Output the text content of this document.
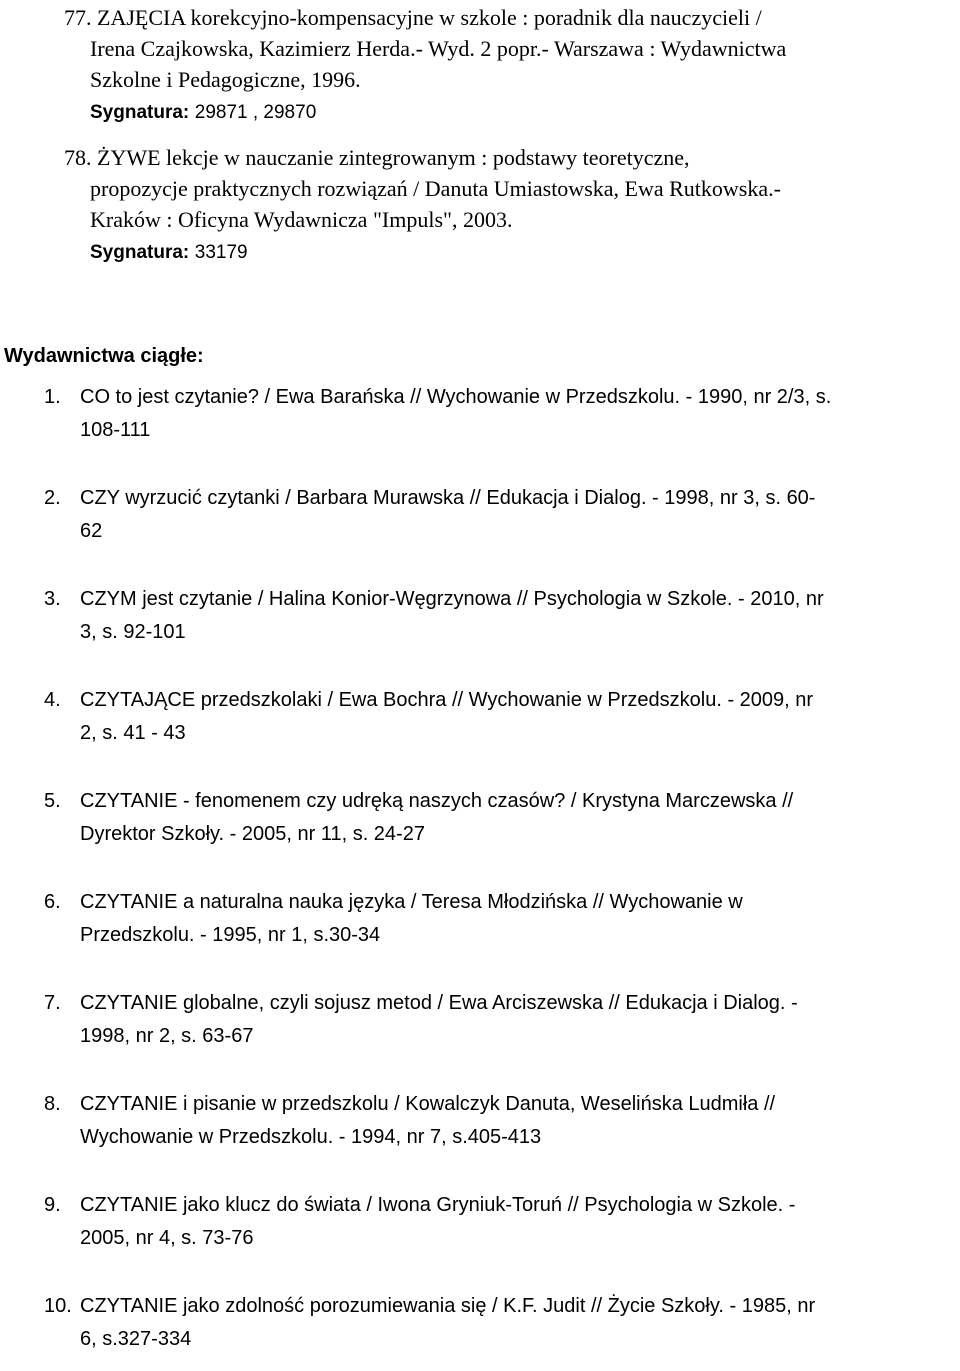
77. ZAJĘCIA korekcyjno-kompensacyjne w szkole : poradnik dla nauczycieli /
Irena Czajkowska, Kazimierz Herda.- Wyd. 2 popr.- Warszawa : Wydawnictwa
Szkolne i Pedagogiczne, 1996.
Sygnatura: 29871 , 29870
78. ŻYWE lekcje w nauczanie zintegrowanym : podstawy teoretyczne,
propozycje praktycznych rozwiązań / Danuta Umiastowska, Ewa Rutkowska.-
Kraków : Oficyna Wydawnicza "Impuls", 2003.
Sygnatura: 33179
Wydawnictwa ciągłe:
1. CO to jest czytanie? / Ewa Barańska // Wychowanie w Przedszkolu. - 1990, nr 2/3, s.
108-111
2. CZY wyrzucić czytanki / Barbara Murawska // Edukacja i Dialog. - 1998, nr 3, s. 60-
62
3. CZYM jest czytanie / Halina Konior-Węgrzynowa // Psychologia w Szkole. - 2010, nr
3, s. 92-101
4. CZYTAJĄCE przedszkolaki / Ewa Bochra // Wychowanie w Przedszkolu. - 2009, nr
2, s. 41 - 43
5. CZYTANIE - fenomenem czy udręką naszych czasów? / Krystyna Marczewska //
Dyrektor Szkoły. - 2005, nr 11, s. 24-27
6. CZYTANIE a naturalna nauka języka / Teresa Młodzińska // Wychowanie w
Przedszkolu. - 1995, nr 1, s.30-34
7. CZYTANIE globalne, czyli sojusz metod / Ewa Arciszewska // Edukacja i Dialog. -
1998, nr 2, s. 63-67
8. CZYTANIE i pisanie w przedszkolu / Kowalczyk Danuta, Weselińska Ludmiła //
Wychowanie w Przedszkolu. - 1994, nr 7, s.405-413
9. CZYTANIE jako klucz do świata / Iwona Gryniuk-Toruń // Psychologia w Szkole. -
2005, nr 4, s. 73-76
10. CZYTANIE jako zdolność porozumiewania się / K.F. Judit // Życie Szkoły. - 1985, nr
6, s.327-334
